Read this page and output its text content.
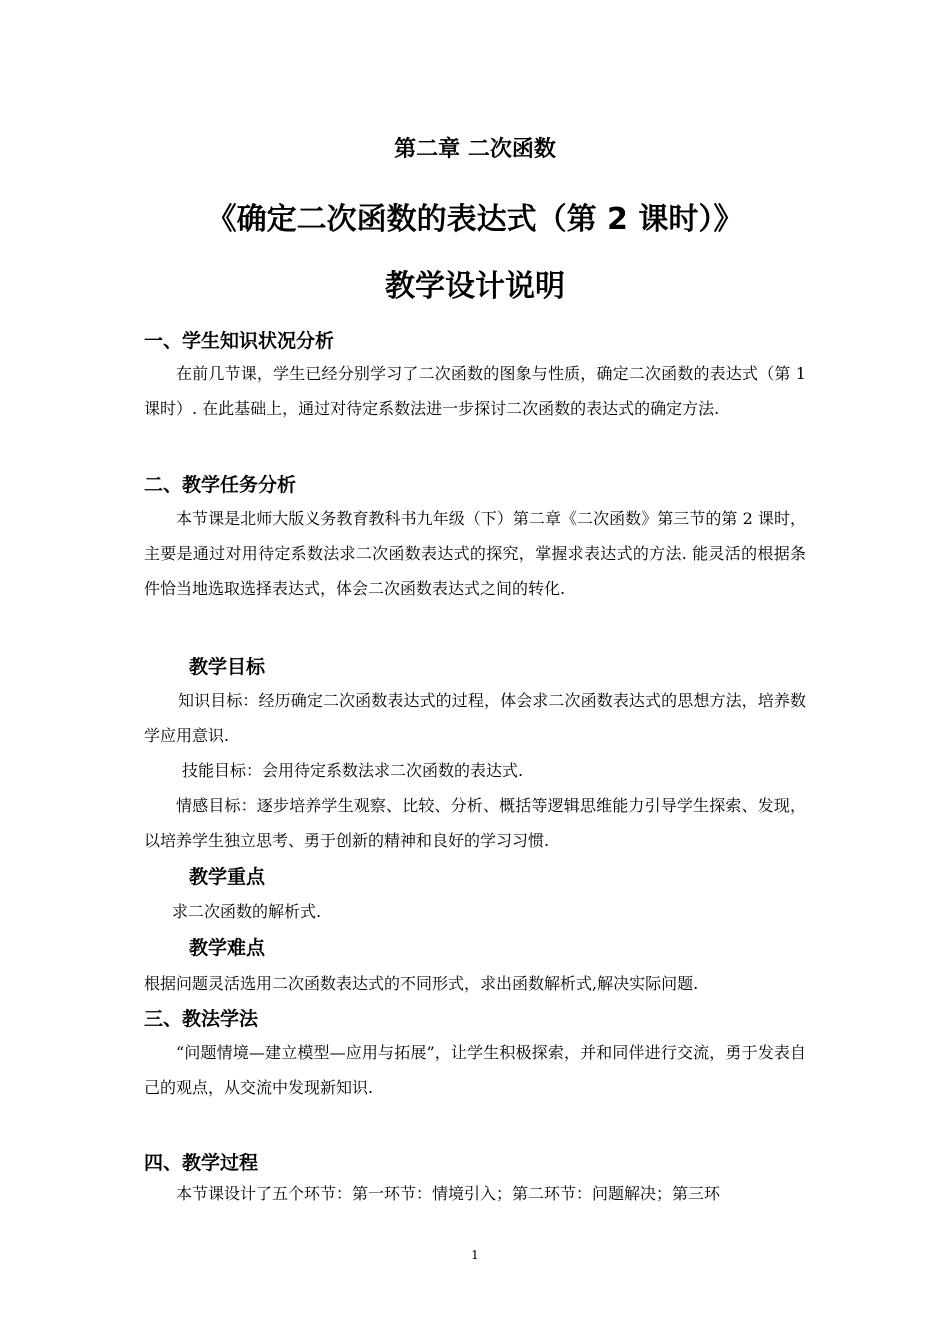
第二章 二次函数
《确定二次函数的表达式（第 2 课时）》
教学设计说明
一、学生知识状况分析
在前几节课，学生已经分别学习了二次函数的图象与性质，确定二次函数的表达式（第 1 课时）. 在此基础上，通过对待定系数法进一步探讨二次函数的表达式的确定方法.
二、教学任务分析
本节课是北师大版义务教育教科书九年级（下）第二章《二次函数》第三节的第 2 课时，主要是通过对用待定系数法求二次函数表达式的探究，掌握求表达式的方法. 能灵活的根据条件恰当地选取选择表达式，体会二次函数表达式之间的转化.
教学目标
知识目标：经历确定二次函数表达式的过程，体会求二次函数表达式的思想方法，培养数学应用意识.
技能目标：会用待定系数法求二次函数的表达式.
情感目标：逐步培养学生观察、比较、分析、概括等逻辑思维能力引导学生探索、发现，以培养学生独立思考、勇于创新的精神和良好的学习习惯.
教学重点
求二次函数的解析式.
教学难点
根据问题灵活选用二次函数表达式的不同形式，求出函数解析式,解决实际问题.
三、教法学法
“问题情境—建立模型—应用与拓展”，让学生积极探索，并和同伴进行交流，勇于发表自己的观点，从交流中发现新知识.
四、教学过程
本节课设计了五个环节：第一环节：情境引入；第二环节：问题解决；第三环
1
